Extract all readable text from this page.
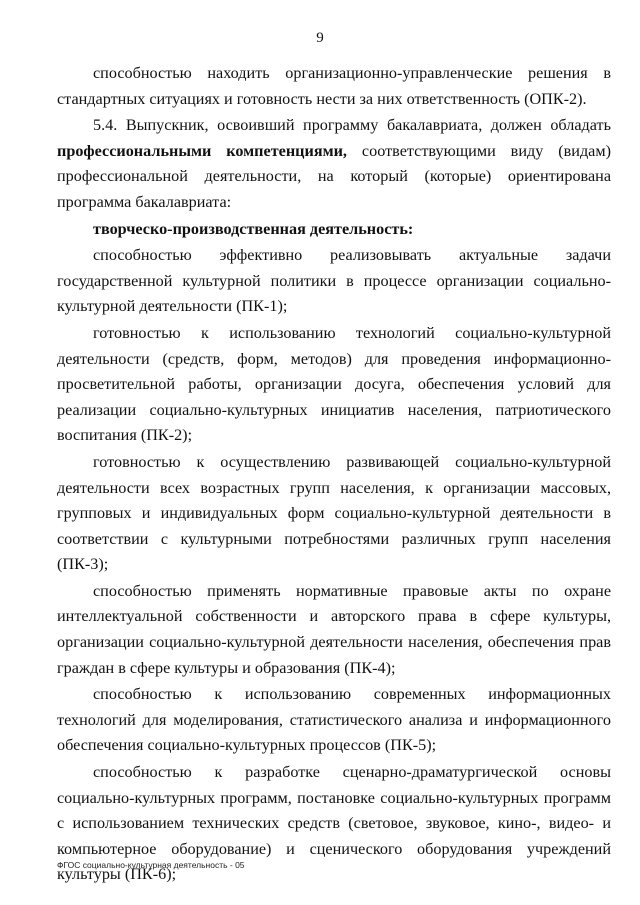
9

способностью находить организационно-управленческие решения в стандартных ситуациях и готовность нести за них ответственность (ОПК-2).

5.4. Выпускник, освоивший программу бакалавриата, должен обладать профессиональными компетенциями, соответствующими виду (видам) профессиональной деятельности, на который (которые) ориентирована программа бакалавриата:

творческо-производственная деятельность:

способностью эффективно реализовывать актуальные задачи государственной культурной политики в процессе организации социально-культурной деятельности (ПК-1);

готовностью к использованию технологий социально-культурной деятельности (средств, форм, методов) для проведения информационно-просветительной работы, организации досуга, обеспечения условий для реализации социально-культурных инициатив населения, патриотического воспитания (ПК-2);

готовностью к осуществлению развивающей социально-культурной деятельности всех возрастных групп населения, к организации массовых, групповых и индивидуальных форм социально-культурной деятельности в соответствии с культурными потребностями различных групп населения (ПК-3);

способностью применять нормативные правовые акты по охране интеллектуальной собственности и авторского права в сфере культуры, организации социально-культурной деятельности населения, обеспечения прав граждан в сфере культуры и образования (ПК-4);

способностью к использованию современных информационных технологий для моделирования, статистического анализа и информационного обеспечения социально-культурных процессов (ПК-5);

способностью к разработке сценарно-драматургической основы социально-культурных программ, постановке социально-культурных программ с использованием технических средств (световое, звуковое, кино-, видео- и компьютерное оборудование) и сценического оборудования учреждений культуры (ПК-6);

ФГОС социально-культурная деятельность - 05
